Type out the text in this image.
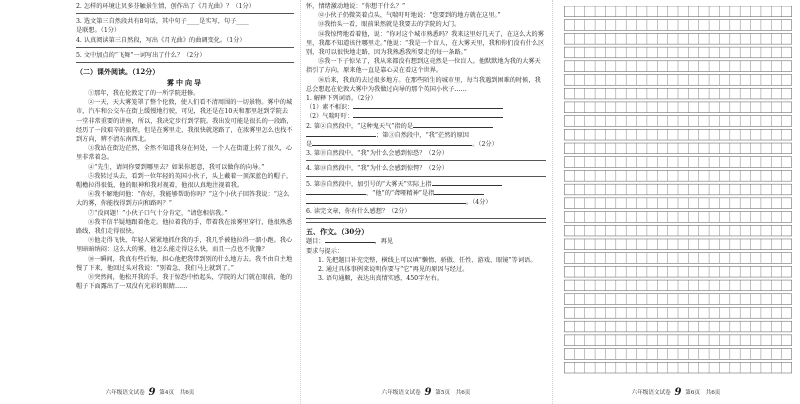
2. 怎样的环境让贝多芬触景生情，创作出了《月光曲》？（1分）
3. 选文第三自然段共有8句话，其中句子____是实写，句子____
是联想。（1分）
4. 认真阅读第三自然段，写出《月光曲》的曲调变化。（1分）
5. 文中加点的“飞舞”一词写出了什么？（2分）
（二）课外阅读。（12分）
雾中向导
①那年，我在伦敦定了的一所学院进修。
②一天，天大雾笼罩了整个伦敦，使人们看不清周围的一切景物。雾中的城市，汽车和公交车在街上缓慢地行驶，可见，我还是在10天和那里赶到学院去一堂非常重要的讲座，所以，我决定步行到学院。我出发可能是很长的一段路，经历了一段艰辛的旅程，但是在雾里走，我很快就迷路了，在浓雾里怎么也找不到方向，辨不清东南西北。
③我站在街边茫然，全然不知道我身在何处，一个人在街道上转了很久，心里非常着急。
④“先生，请问你要到哪里去？如果你愿意，我可以做你的向导。”
⑤我转过头去，看到一位年轻的英国小伙子，头上戴着一顶深蓝色的帽子，帽檐拉得很低，他的眼神和我对视着，他很认真地注视着我。
⑥我不解地问他：“你好，我能够帮助你吗？”这个小伙子回答我说：“这么大的雾，你能找得到方向和路吗？”
⑦“没问题！”小伙子口气十分肯定，“请您相信我。”
⑧我半信半疑地跟着他走。他拉着我的手，带着我在浓雾里穿行，他很熟悉路线，我们走得很快。
⑨他走得飞快，年轻人紧紧地抓住我的手，我几乎被他拉得一溜小跑。我心里暗暗纳闷：这么大的雾，他怎么能走得这么快，而且一点也不犹豫？
⑩一瞬间，我真有些后悔，担心他把我带到别的什么地方去。我不由自主地慢了下来，他回过头对我说：“别着急，我们马上就到了。”
⑪突然间，他松开我的手，我于惊恐中抬起头，学院的大门就在眼前，他的帽子下面露出了一双没有光彩的眼睛……
六年级语文试卷 9 第4页　共6页
怀，情绪激动地说：“你想干什么？”
⑫小伙子仍微笑着点头，气喘吁吁地说：“您要到的地方就在这里。”
⑬我抬头一看，眼前果然就是我要去的学院的大门。
⑭我惊愕地看着他，说：“你对这个城市熟悉吗？我来这里好几天了，在这么大的雾里，我都不知道该往哪里走。”他说：“我是一个盲人，在大雾天里，我和你们没有什么区别，我可以很快地走路，因为我熟悉我所要走的每一条路。”
⑮我一下子惊呆了，我从来都没有想到这竟然是一位盲人。他默默地为我的大雾天指引了方向，原来他一直是靠心灵在看这个世界。
⑯后来，我真的去过很多地方。在那些陌生的城市里，每当我遇到困难的时候，我总会想起在伦敦大雾中为我做过向导的那个英国小伙子……
1. 解释下列词语。（2分）
（1）素不相识：
（2）气喘吁吁：
2. 第②自然段中，“这种鬼天气”指的是
；第③自然段中，“我”茫然的原因
是	。（2分）
3. 第⑪自然段中，“我”为什么会感到惊恐？（2分）
4. 第⑬自然段中，“我”为什么会感到惊愕？（2分）
5. 第⑮自然段中，加引号的“大雾天”实际上指
，“他”的“聋哑精神”是指
。（4分）
6. 读完文章，你有什么感想？（2分）
五、作文。（30分）
题目：	，再见
要求与提示：
1. 先把题目补充完整，横线上可以填“懒惰、骄傲、任性、游戏、眼镜”等词语。
2. 通过具体事例来说明你要与“它”再见的原因与经过。
3. 语句通顺，表达出真情实感，450字左右。
六年级语文试卷 9 第5页　共6页	六年级语文试卷 9 第6页　共6页
